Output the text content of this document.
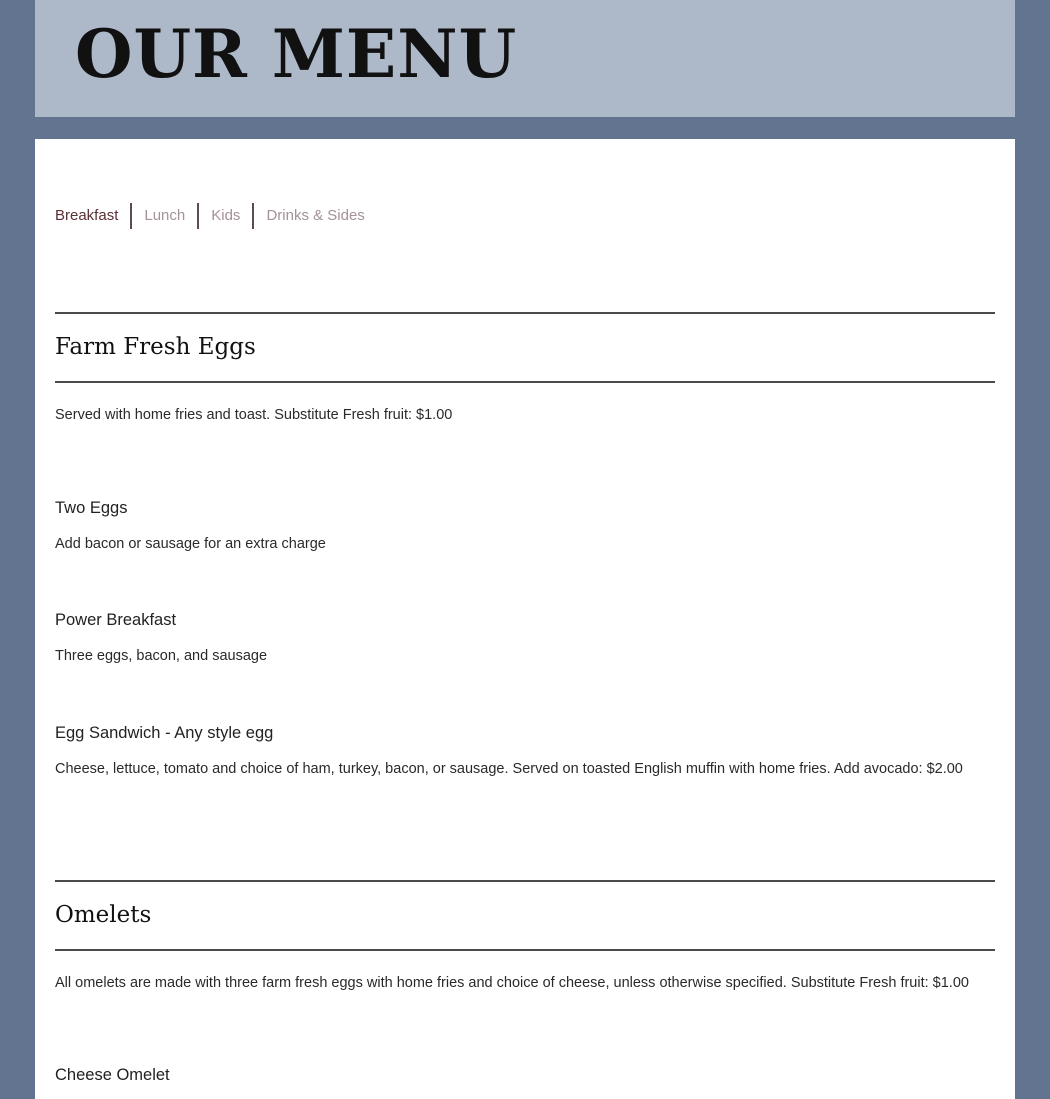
OUR MENU
Breakfast	Lunch	Kids	Drinks & Sides
Farm Fresh Eggs
Served with home fries and toast. Substitute Fresh fruit: $1.00
Two Eggs
Add bacon or sausage for an extra charge
Power Breakfast
Three eggs, bacon, and sausage
Egg Sandwich - Any style egg
Cheese, lettuce, tomato and choice of ham, turkey, bacon, or sausage. Served on toasted English muffin with home fries. Add avocado: $2.00
Omelets
All omelets are made with three farm fresh eggs with home fries and choice of cheese, unless otherwise specified. Substitute Fresh fruit: $1.00
Cheese Omelet
